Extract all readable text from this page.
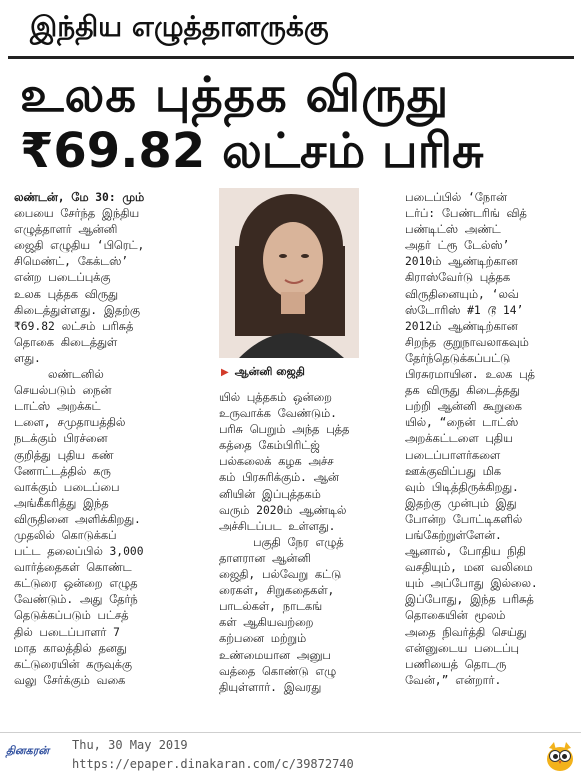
இந்திய எழுத்தாளருக்கு
உலக புத்தக விருது
₹69.82 லட்சம் பரிசு
லண்டன், மே 30: மும்
பையை சேர்ந்த இந்திய
எழுத்தாளர் ஆன்னி
ஜைதி எழுதிய ‘பிரெட்,
சிமெண்ட், கேக்டஸ்’
என்ற படைப்புக்கு
உலக புத்தக விருது
கிடைத்துள்ளது. இதற்கு
₹69.82 லட்சம் பரிசுத்
தொகை கிடைத்துள்
ளது.
லண்டனில்
செயல்படும் நைன்
டாட்ஸ் அறக்கட்
டளை, சமுதாயத்தில்
நடக்கும் பிரச்னை
குறித்து புதிய கண்
ணோட்டத்தில் கரு
வாக்கும் படைப்பை
அங்கீகரித்து இந்த
விருதினை அளிக்கிறது.
முதலில் கொடுக்கப்
பட்ட தலைப்பில் 3,000
வார்த்தைகள் கொண்ட
கட்டுரை ஒன்றை எழுத
வேண்டும். அது தேர்ந்
தெடுக்கப்படும் பட்சத்
தில் படைப்பாளர் 7
மாத காலத்தில் தனது
கட்டுரையின் கருவுக்கு
வலு சேர்க்கும் வகை
யில் புத்தகம் ஒன்றை
உருவாக்க வேண்டும்.
பரிசு பெறும் அந்த புத்த
கத்தை கேம்பிரிட்ஜ்
பல்கலைக் கழக அச்ச
கம் பிரசுரிக்கும். ஆன்
னியின் இப்புத்தகம்
வரும் 2020ம் ஆண்டில்
அச்சிடப்பட உள்ளது.
பகுதி நேர எழுத்
தாளரான ஆன்னி
ஜைதி, பல்வேறு கட்டு
ரைகள், சிறுகதைகள்,
பாடல்கள், நாடகங்
கள் ஆகியவற்றை
கற்பனை மற்றும்
உண்மையான அனுப
வத்தை கொண்டு எழு
தியுள்ளார். இவரது
படைப்பில் ‘நோன்
டர்ப்: பேண்டரிங் வித்
பண்டிட்ஸ் அண்ட்
அதர் ட்ரூ டேல்ஸ்’
2010ம் ஆண்டிற்கான
கிராஸ்வேர்டு புத்தக
விருதினையும், ‘லவ்
ஸ்டோரிஸ் #1 டூ 14’
2012ம் ஆண்டிற்கான
சிறந்த குறுநாவலாகவும்
தேர்ந்தெடுக்கப்பட்டு
பிரசுரமாயின. உலக புத்
தக விருது கிடைத்தது
பற்றி ஆன்னி கூறுகை
யில், “நைன் டாட்ஸ்
அறக்கட்டளை புதிய
படைப்பாளர்களை
ஊக்குவிப்பது மிக
வும் பிடித்திருக்கிறது.
இதற்கு முன்பும் இது
போன்ற போட்டிகளில்
பங்கேற்றுள்ளேன்.
ஆனால், போதிய நிதி
வசதியும், மன வலிமை
யும் அப்போது இல்லை.
இப்போது, இந்த பரிசுத்
தொகையின் மூலம்
அதை நிவர்த்தி செய்து
என்னுடைய படைப்பு
பணியைத் தொடரு
வேன்,” என்றார்.
▶ ஆன்னி ஜைதி
தினகரன் Thu, 30 May 2019
https://epaper.dinakaran.com/c/39872740
